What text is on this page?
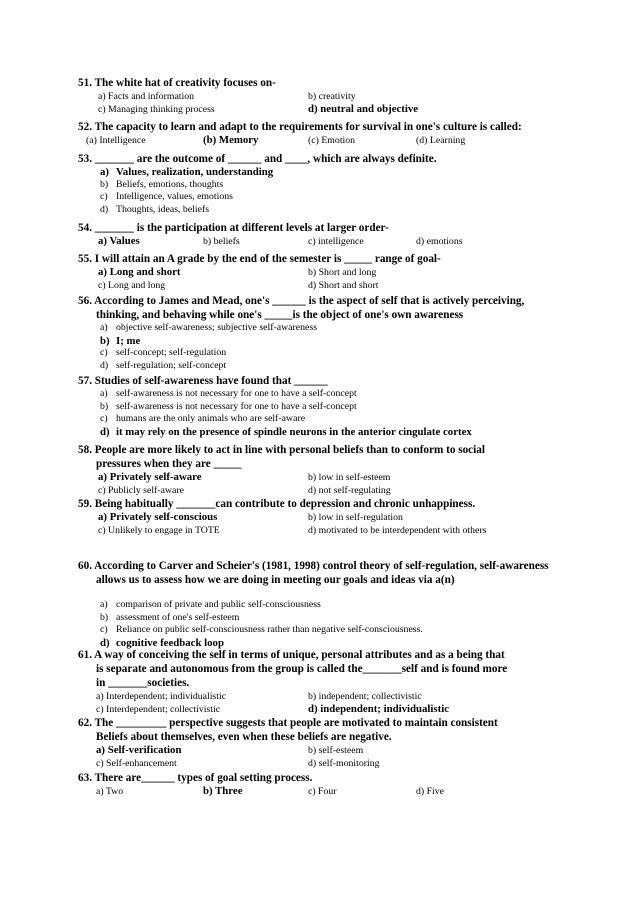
51. The white hat of creativity focuses on-
a) Facts and information	b) creativity
c) Managing thinking process	d) neutral and objective
52. The capacity to learn and adapt to the requirements for survival in one's culture is called:
(a) Intelligence	(b) Memory	(c) Emotion	(d) Learning
53. _______ are the outcome of ______ and ____, which are always definite.
a) Values, realization, understanding
b) Beliefs, emotions, thoughts
c) Intelligence, values, emotions
d) Thoughts, ideas, beliefs
54. _______ is the participation at different levels at larger order-
a) Values	b) beliefs	c) intelligence	d) emotions
55. I will attain an A grade by the end of the semester is _____ range of goal-
a) Long and short	b) Short and long
c) Long and long	d) Short and short
56. According to James and Mead, one's ______ is the aspect of self that is actively perceiving,
thinking, and behaving while one's _____is the object of one's own awareness
a) objective self-awareness; subjective self-awareness
b) I; me
c) self-concept; self-regulation
d) self-regulation; self-concept
57. Studies of self-awareness have found that ______
a) self-awareness is not necessary for one to have a self-concept
b) self-awareness is not necessary for one to have a self-concept
c) humans are the only animals who are self-aware
d) it may rely on the presence of spindle neurons in the anterior cingulate cortex
58. People are more likely to act in line with personal beliefs than to conform to social
pressures when they are _____
a) Privately self-aware	b) low in self-esteem
c) Publicly self-aware	d) not self-regulating
59. Being habitually _______can contribute to depression and chronic unhappiness.
a) Privately self-conscious	b) low in self-regulation
c) Unlikely to engage in TOTE	d) motivated to be interdependent with others
60. According to Carver and Scheier's (1981, 1998) control theory of self-regulation, self-awareness
allows us to assess how we are doing in meeting our goals and ideas via a(n)
a) comparison of private and public self-consciousness
b) assessment of one's self-esteem
c) Reliance on public self-consciousness rather than negative self-consciousness.
d) cognitive feedback loop
61. A way of conceiving the self in terms of unique, personal attributes and as a being that
is separate and autonomous from the group is called the_______self and is found more
in _______societies.
a) Interdependent; individualistic	b) independent; collectivistic
c) Interdependent; collectivistic	d) independent; individualistic
62. The _________ perspective suggests that people are motivated to maintain consistent
Beliefs about themselves, even when these beliefs are negative.
a) Self-verification	b) self-esteem
c) Self-enhancement	d) self-monitoring
63. There are______ types of goal setting process.
a) Two	b) Three	c) Four	d) Five
